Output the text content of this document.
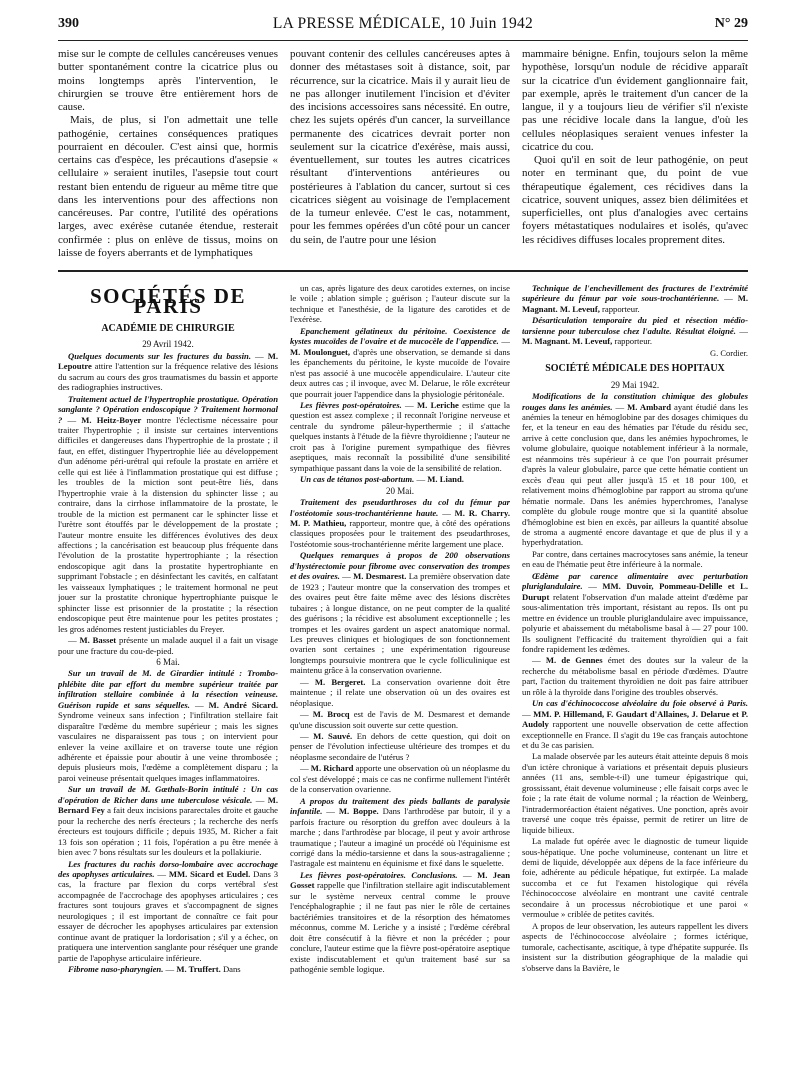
390	LA PRESSE MÉDICALE, 10 Juin 1942	N° 29

mise sur le compte de cellules cancéreuses venues butter spontanément contre la cicatrice plus ou moins longtemps après l'intervention, le chirurgien se trouve être entièrement hors de cause.

Mais, de plus, si l'on admettait une telle pathogénie, certaines conséquences pratiques pourraient en découler. C'est ainsi que, hormis certains cas d'espèce, les précautions d'asepsie « cellulaire » seraient inutiles, l'asepsie tout court restant bien entendu de rigueur au même titre que dans les interventions pour des affections non cancéreuses. Par contre, l'utilité des opérations larges, avec exérèse cutanée étendue, resterait confirmée : plus on enlève de tissus, moins on laisse de foyers aberrants et de lymphatiques

pouvant contenir des cellules cancéreuses aptes à donner des métastases soit à distance, soit, par récurrence, sur la cicatrice. Mais il y aurait lieu de ne pas allonger inutilement l'incision et d'éviter des incisions accessoires sans nécessité. En outre, chez les sujets opérés d'un cancer, la surveillance permanente des cicatrices devrait porter non seulement sur la cicatrice d'exérèse, mais aussi, éventuellement, sur toutes les autres cicatrices résultant d'interventions antérieures ou postérieures à l'ablation du cancer, surtout si ces cicatrices siègent au voisinage de l'emplacement de la tumeur enlevée. C'est le cas, notamment, pour les femmes opérées d'un côté pour un cancer du sein, de l'autre pour une lésion

mammaire bénigne. Enfin, toujours selon la même hypothèse, lorsqu'un nodule de récidive apparaît sur la cicatrice d'un évidement ganglionnaire fait, par exemple, après le traitement d'un cancer de la langue, il y a toujours lieu de vérifier s'il n'existe pas une récidive locale dans la langue, d'où les cellules néoplasiques seraient venues infester la cicatrice du cou.

Quoi qu'il en soit de leur pathogénie, on peut noter en terminant que, du point de vue thérapeutique également, ces récidives dans la cicatrice, souvent uniques, assez bien délimitées et superficielles, ont plus d'analogies avec certains foyers métastatiques nodulaires et isolés, qu'avec les récidives diffuses locales proprement dites.

SOCIÉTÉS DE PARIS
ACADÉMIE DE CHIRURGIE

29 Avril 1942.

Quelques documents sur les fractures du bassin. — M. Lepoutre attire l'attention sur la fréquence relative des lésions du sacrum au cours des gros traumatismes du bassin et apporte des radiographies instructives.

Traitement actuel de l'hypertrophie prostatique. Opération sanglante ? Opération endoscopique ? Traitement hormonal ? — M. Heitz-Boyer montre l'éclectisme nécessaire pour traiter l'hypertrophie ; il insiste sur certaines interventions difficiles et dangereuses dans l'hypertrophie de la prostate ; il faut, en effet, distinguer l'hypertrophie liée au développement d'un adénome péri-urétral qui refoule la prostate en arrière et celle qui est liée à l'inflammation prostatique qui est diffuse ; les troubles de la miction sont peut-être liés, dans l'hypertrophie vraie à la distension du sphincter lisse ; au contraire, dans la cirrhose inflammatoire de la prostate, le trouble de la miction est permanent car le sphincter lisse et l'urètre sont étouffés par le développement de la prostate ; l'auteur montre ensuite les différences évolutives des deux affections ; la cancérisation est beaucoup plus fréquente dans l'évolution de la prostatite hypertrophiante ; la résection endoscopique agit dans la prostatite hypertrophiante en supprimant l'obstacle ; en désinfectant les cavités, en calfatant les vaisseaux lymphatiques ; le traitement hormonal ne peut jouer sur la prostatite chronique hypertrophiante puisque le sphincter lisse est prisonnier de la prostatite ; la résection endoscopique peut être maintenue pour les petites prostates ; les gros adénomes restent justiciables du Freyer.

— M. Basset présente un malade auquel il a fait un visage pour une fracture du cou-de-pied.

6 Mai.

Sur un travail de M. de Girardier intitulé : Trombo-phlébite dite par effort du membre supérieur traitée par infiltration stellaire combinée à la résection veineuse. Guérison rapide et sans séquelles. — M. André Sicard. Syndrome veineux sans infection ; l'infiltration stellaire fait disparaître l'œdème du membre supérieur ; mais les signes vasculaires ne disparaissent pas tous ; on intervient pour enlever la veine axillaire et on traverse toute une région adhérente et épaissie pour aboutir à une veine thrombosée ; depuis plusieurs mois, l'œdème a complètement disparu ; la paroi veineuse présentait quelques images inflammatoires.

Sur un travail de M. Gœthals-Borin intitulé : Un cas d'opération de Richer dans une tuberculose vésicale. — M. Bernard Fey a fait deux incisions pararectales droite et gauche pour la recherche des nerfs érecteurs ; la recherche des nerfs érecteurs est toujours difficile ; depuis 1935, M. Richer a fait 13 fois son opération ; 11 fois, l'opération a pu être menée à bien avec 7 bons résultats sur les douleurs et la pollakiurie.

Les fractures du rachis dorso-lombaire avec accrochage des apophyses articulaires. — MM. Sicard et Eudel. Dans 3 cas, la fracture par flexion du corps vertébral s'est accompagnée de l'accrochage des apophyses articulaires ; ces fractures sont toujours graves et s'accompagnent de signes neurologiques ; il est important de connaître ce fait pour essayer de décrocher les apophyses articulaires par extension continue avant de pratiquer la lordorisation ; s'il y a échec, on pratiquera une intervention sanglante pour réséquer une grande partie de l'apophyse articulaire inférieure.

Fibrome naso-pharyngien. — M. Truffert. Dans

un cas, après ligature des deux carotides externes, on incise le voile ; ablation simple ; guérison ; l'auteur discute sur la technique et l'anesthésie, de la ligature des carotides et de l'exérèse.

Epanchement gélatineux du péritoine. Coexistence de kystes mucoïdes de l'ovaire et de mucocèle de l'appendice. — M. Moulonguet, d'après une observation, se demande si dans les épanchements du péritoine, le kyste mucoïde de l'ovaire n'est pas associé à une mucocèle appendiculaire. L'auteur cite deux autres cas ; il invoque, avec M. Delarue, le rôle excréteur que pourrait jouer l'appendice dans la physiologie péritonéale.

Les fièvres post-opératoires. — M. Leriche estime que la question est assez complexe ; il reconnaît l'origine nerveuse et centrale du syndrome pâleur-hyperthermie ; il s'attache quelques instants à l'étude de la fièvre thyroïdienne ; l'auteur ne croit pas à l'origine purement sympathique des fièvres aseptiques, mais reconnaît la possibilité d'une sensibilité sympathique passant dans la voie de la sensibilité de relation.

Un cas de tétanos post-abortum. — M. Liand.

20 Mai.

Traitement des pseudarthroses du col du fémur par l'ostéotomie sous-trochantérienne haute. — M. R. Charry. M. P. Mathieu, rapporteur, montre que, à côté des opérations classiques proposées pour le traitement des pseudarthroses, l'ostéotomie sous-trochantérienne mérite largement une place.

Quelques remarques à propos de 200 observations d'hystérectomie pour fibrome avec conservation des trompes et des ovaires. — M. Desmarest. La première observation date de 1923 ; l'auteur montre que la conservation des trompes et des ovaires peut être faite même avec des lésions discrètes tubaires ; à longue distance, on ne peut compter de la qualité des guérisons ; la récidive est absolument exceptionnelle ; les trompes et les ovaires gardent un aspect anatomique normal. Les preuves cliniques et biologiques de son fonctionnement ovarien sont certaines ; une expérimentation rigoureuse longtemps poursuivie montrera que le cycle folliculinique est maintenu grâce à la conservation ovarienne.

— M. Bergeret. La conservation ovarienne doit être maintenue ; il relate une observation où un des ovaires est néoplasique.

— M. Brocq est de l'avis de M. Desmarest et demande qu'une discussion soit ouverte sur cette question.

— M. Sauvé. En dehors de cette question, qui doit on penser de l'évolution infectieuse ultérieure des trompes et du néoplasme secondaire de l'utérus ?

— M. Richard apporte une observation où un néoplasme du col s'est développé ; mais ce cas ne confirme nullement l'intérêt de la conservation ovarienne.

A propos du traitement des pieds ballants de paralysie infantile. — M. Boppe. Dans l'arthrodèse par butoir, il y a parfois fracture ou résorption du greffon avec douleurs à la marche ; dans l'arthrodèse par blocage, il peut y avoir arthrose traumatique ; l'auteur a imaginé un procédé où l'équinisme est corrigé dans la médio-tarsienne et dans la sous-astragalienne ; l'astragale est maintenu en équinisme et fixé dans le squelette.

Les fièvres post-opératoires. Conclusions. — M. Jean Gosset rappelle que l'infiltration stellaire agit indiscutablement sur le système nerveux central comme le prouve l'encéphalographie ; il ne faut pas nier le rôle de certaines bactériémies transitoires et de la résorption des hématomes méconnus, comme M. Leriche y a insisté ; l'œdème cérébral doit être consécutif à la fièvre et non la précéder ; pour conclure, l'auteur estime que la fièvre post-opératoire aseptique existe indiscutablement et qu'un traitement basé sur sa pathogénie semble logique.

Technique de l'enchevillement des fractures de l'extrémité supérieure du fémur par voie sous-trochantérienne. — M. Magnant. M. Leveuf, rapporteur.

Désarticulation temporaire du pied et résection médio-tarsienne pour tuberculose chez l'adulte. Résultat éloigné. — M. Magnant. M. Leveuf, rapporteur.

G. Cordier.

SOCIÉTÉ MÉDICALE DES HOPITAUX

29 Mai 1942.

Modifications de la constitution chimique des globules rouges dans les anémies. — M. Ambard ayant étudié dans les anémies la teneur en hémoglobine par des dosages chimiques du fer, et la teneur en eau des hématies par l'étude du résidu sec, arrive à cette conclusion que, dans les anémies hypochromes, le volume globulaire, quoique notablement inférieur à la normale, est néanmoins très supérieur à ce que l'on pourrait présumer d'après la valeur globulaire, parce que cette hématie contient un excès d'eau qui peut aller jusqu'à 15 et 18 pour 100, et relativement moins d'hémoglobine par rapport au stroma qu'une hématie normale. Dans les anémies hyperchromes, l'analyse complète du globule rouge montre que si la quantité absolue d'hémoglobine est bien en excès, par ailleurs la quantité absolue de stroma a augmenté encore davantage et que de plus il y a hyperhydratation.

Par contre, dans certaines macrocytoses sans anémie, la teneur en eau de l'hématie peut être inférieure à la normale.

Œdème par carence alimentaire avec perturbation pluriglandulaire. — MM. Duvoir, Pommeau-Delille et L. Durupt relatent l'observation d'un malade atteint d'œdème par sous-alimentation très important, résistant au repos. Ils ont pu mettre en évidence un trouble pluriglandulaire avec impuissance, polyurie et abaissement du métabolisme basal à — 27 pour 100. Ils soulignent l'efficacité du traitement thyroïdien qui a fait fondre rapidement les œdèmes.

— M. de Gennes émet des doutes sur la valeur de la recherche du métabolisme basal en période d'œdèmes. D'autre part, l'action du traitement thyroïdien ne doit pas faire attribuer un rôle à la thyroïde dans l'origine des troubles observés.

Un cas d'échinococcose alvéolaire du foie observé à Paris. — MM. P. Hillemand, F. Gaudart d'Allaines, J. Delarue et P. Audoly rapportent une nouvelle observation de cette affection exceptionnelle en France. Il s'agit du 19e cas français autochtone et du 3e cas parisien.

La malade observée par les auteurs était atteinte depuis 8 mois d'un ictère chronique à variations et présentait depuis plusieurs années (11 ans, semble-t-il) une tumeur épigastrique qui, grossissant, était devenue volumineuse ; elle faisait corps avec le foie ; la rate était de volume normal ; la réaction de Weinberg, l'intradermoréaction étaient négatives. Une ponction, après avoir traversé une coque très épaisse, permit de retirer un litre de liquide bilieux.

La malade fut opérée avec le diagnostic de tumeur liquide sous-hépatique. Une poche volumineuse, contenant un litre et demi de liquide, développée aux dépens de la face inférieure du foie, adhérente au pédicule hépatique, fut extirpée. La malade succomba et ce fut l'examen histologique qui révéla l'échinococcose alvéolaire en montrant une cavité centrale secondaire à un processus nécrobiotique et une paroi « vermoulue » criblée de petites cavités.

A propos de leur observation, les auteurs rappellent les divers aspects de l'échinococcose alvéolaire ; formes ictérique, tumorale, cachectisante, ascitique, à type d'hépatite suppurée. Ils insistent sur la distribution géographique de la maladie qui s'observe dans la Bavière, le
